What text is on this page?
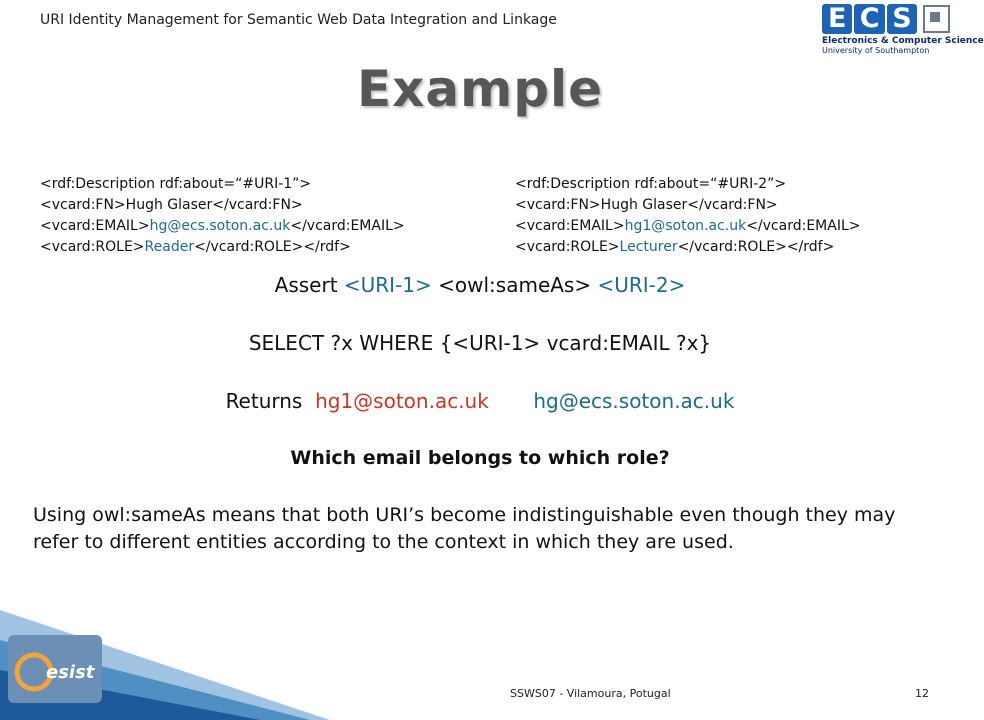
URI Identity Management for Semantic Web Data Integration and Linkage	E C S
Electronics & Computer Science
University of Southampton
Example
<rdf:Description rdf:about=“#URI-1”>
<vcard:FN>Hugh Glaser</vcard:FN>
<vcard:EMAIL>hg@ecs.soton.ac.uk</vcard:EMAIL>
<vcard:ROLE>Reader</vcard:ROLE></rdf>
<rdf:Description rdf:about=“#URI-2”>
<vcard:FN>Hugh Glaser</vcard:FN>
<vcard:EMAIL>hg1@soton.ac.uk</vcard:EMAIL>
<vcard:ROLE>Lecturer</vcard:ROLE></rdf>
Assert <URI-1> <owl:sameAs> <URI-2>
SELECT ?x WHERE {<URI-1> vcard:EMAIL ?x}
Returns hg1@soton.ac.uk hg@ecs.soton.ac.uk
Which email belongs to which role?
Using owl:sameAs means that both URI’s become indistinguishable even though they may refer to different entities according to the context in which they are used.
esist
SSWS07 - Vilamoura, Potugal	12
